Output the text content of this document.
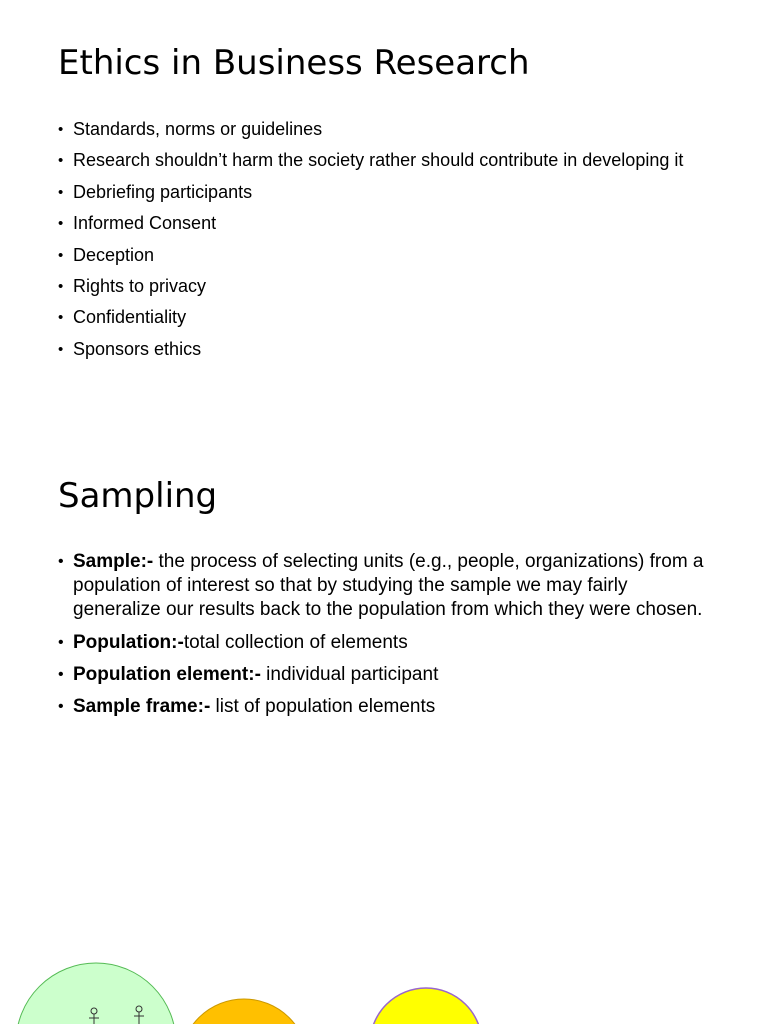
Ethics in Business Research
• Standards, norms or guidelines
• Research shouldn’t harm the society rather should contribute in developing it
• Debriefing participants
• Informed Consent
• Deception
• Rights to privacy
• Confidentiality
• Sponsors ethics
Sampling
• Sample:- the process of selecting units (e.g., people, organizations) from a population of interest so that by studying the sample we may fairly generalize our results back to the population from which they were chosen.
• Population:-total collection of elements
• Population element:- individual participant
• Sample frame:- list of population elements
